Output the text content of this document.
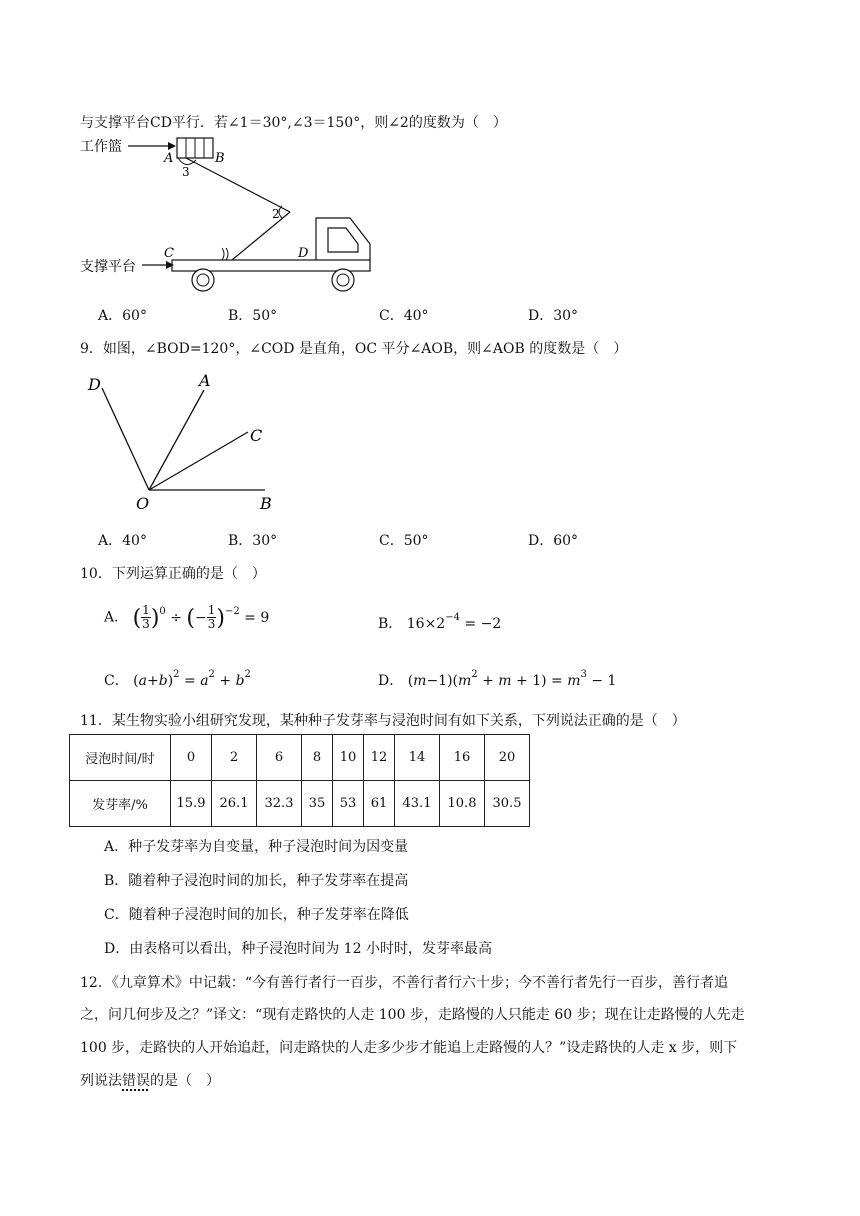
与支撑平台CD平行．若∠1＝30°,∠3＝150°，则∠2的度数为（　）
工作篮
A	B
3
2
支撑平台
C	D
A．60°	B．50°	C．40°	D．30°
9．如图，∠BOD=120°，∠COD 是直角，OC 平分∠AOB，则∠AOB 的度数是（　）
D	A
C
O	B
A．40°	B．30°	C．50°	D．60°
10．下列运算正确的是（　）
A． ( $\frac{1}{3} )^0$ ÷ (− $\frac{1}{3} )^{-2} = 9$	B． $16\times 2^{-4} = -2$
C． $(a+b)^2 = a^2 + b^2$	D． $(m-1)(m^2 + m + 1) = m^3 - 1$
11．某生物实验小组研究发现，某种种子发芽率与浸泡时间有如下关系，下列说法正确的是（　）
浸泡时间/时	0	2	6	8	10	12	14	16	20
发芽率/%	15.9	26.1	32.3	35	53	61	43.1	10.8	30.5
A．种子发芽率为自变量，种子浸泡时间为因变量
B．随着种子浸泡时间的加长，种子发芽率在提高
C．随着种子浸泡时间的加长，种子发芽率在降低
D．由表格可以看出，种子浸泡时间为 12 小时时，发芽率最高
12．《九章算术》中记载：“今有善行者行一百步，不善行者行六十步；今不善行者先行一百步，善行者追
之，问几何步及之？”译文：“现有走路快的人走 100 步，走路慢的人只能走 60 步；现在让走路慢的人先走
100 步，走路快的人开始追赶，问走路快的人走多少步才能追上走路慢的人？”设走路快的人走 x 步，则下
列说法错误的是（　）
